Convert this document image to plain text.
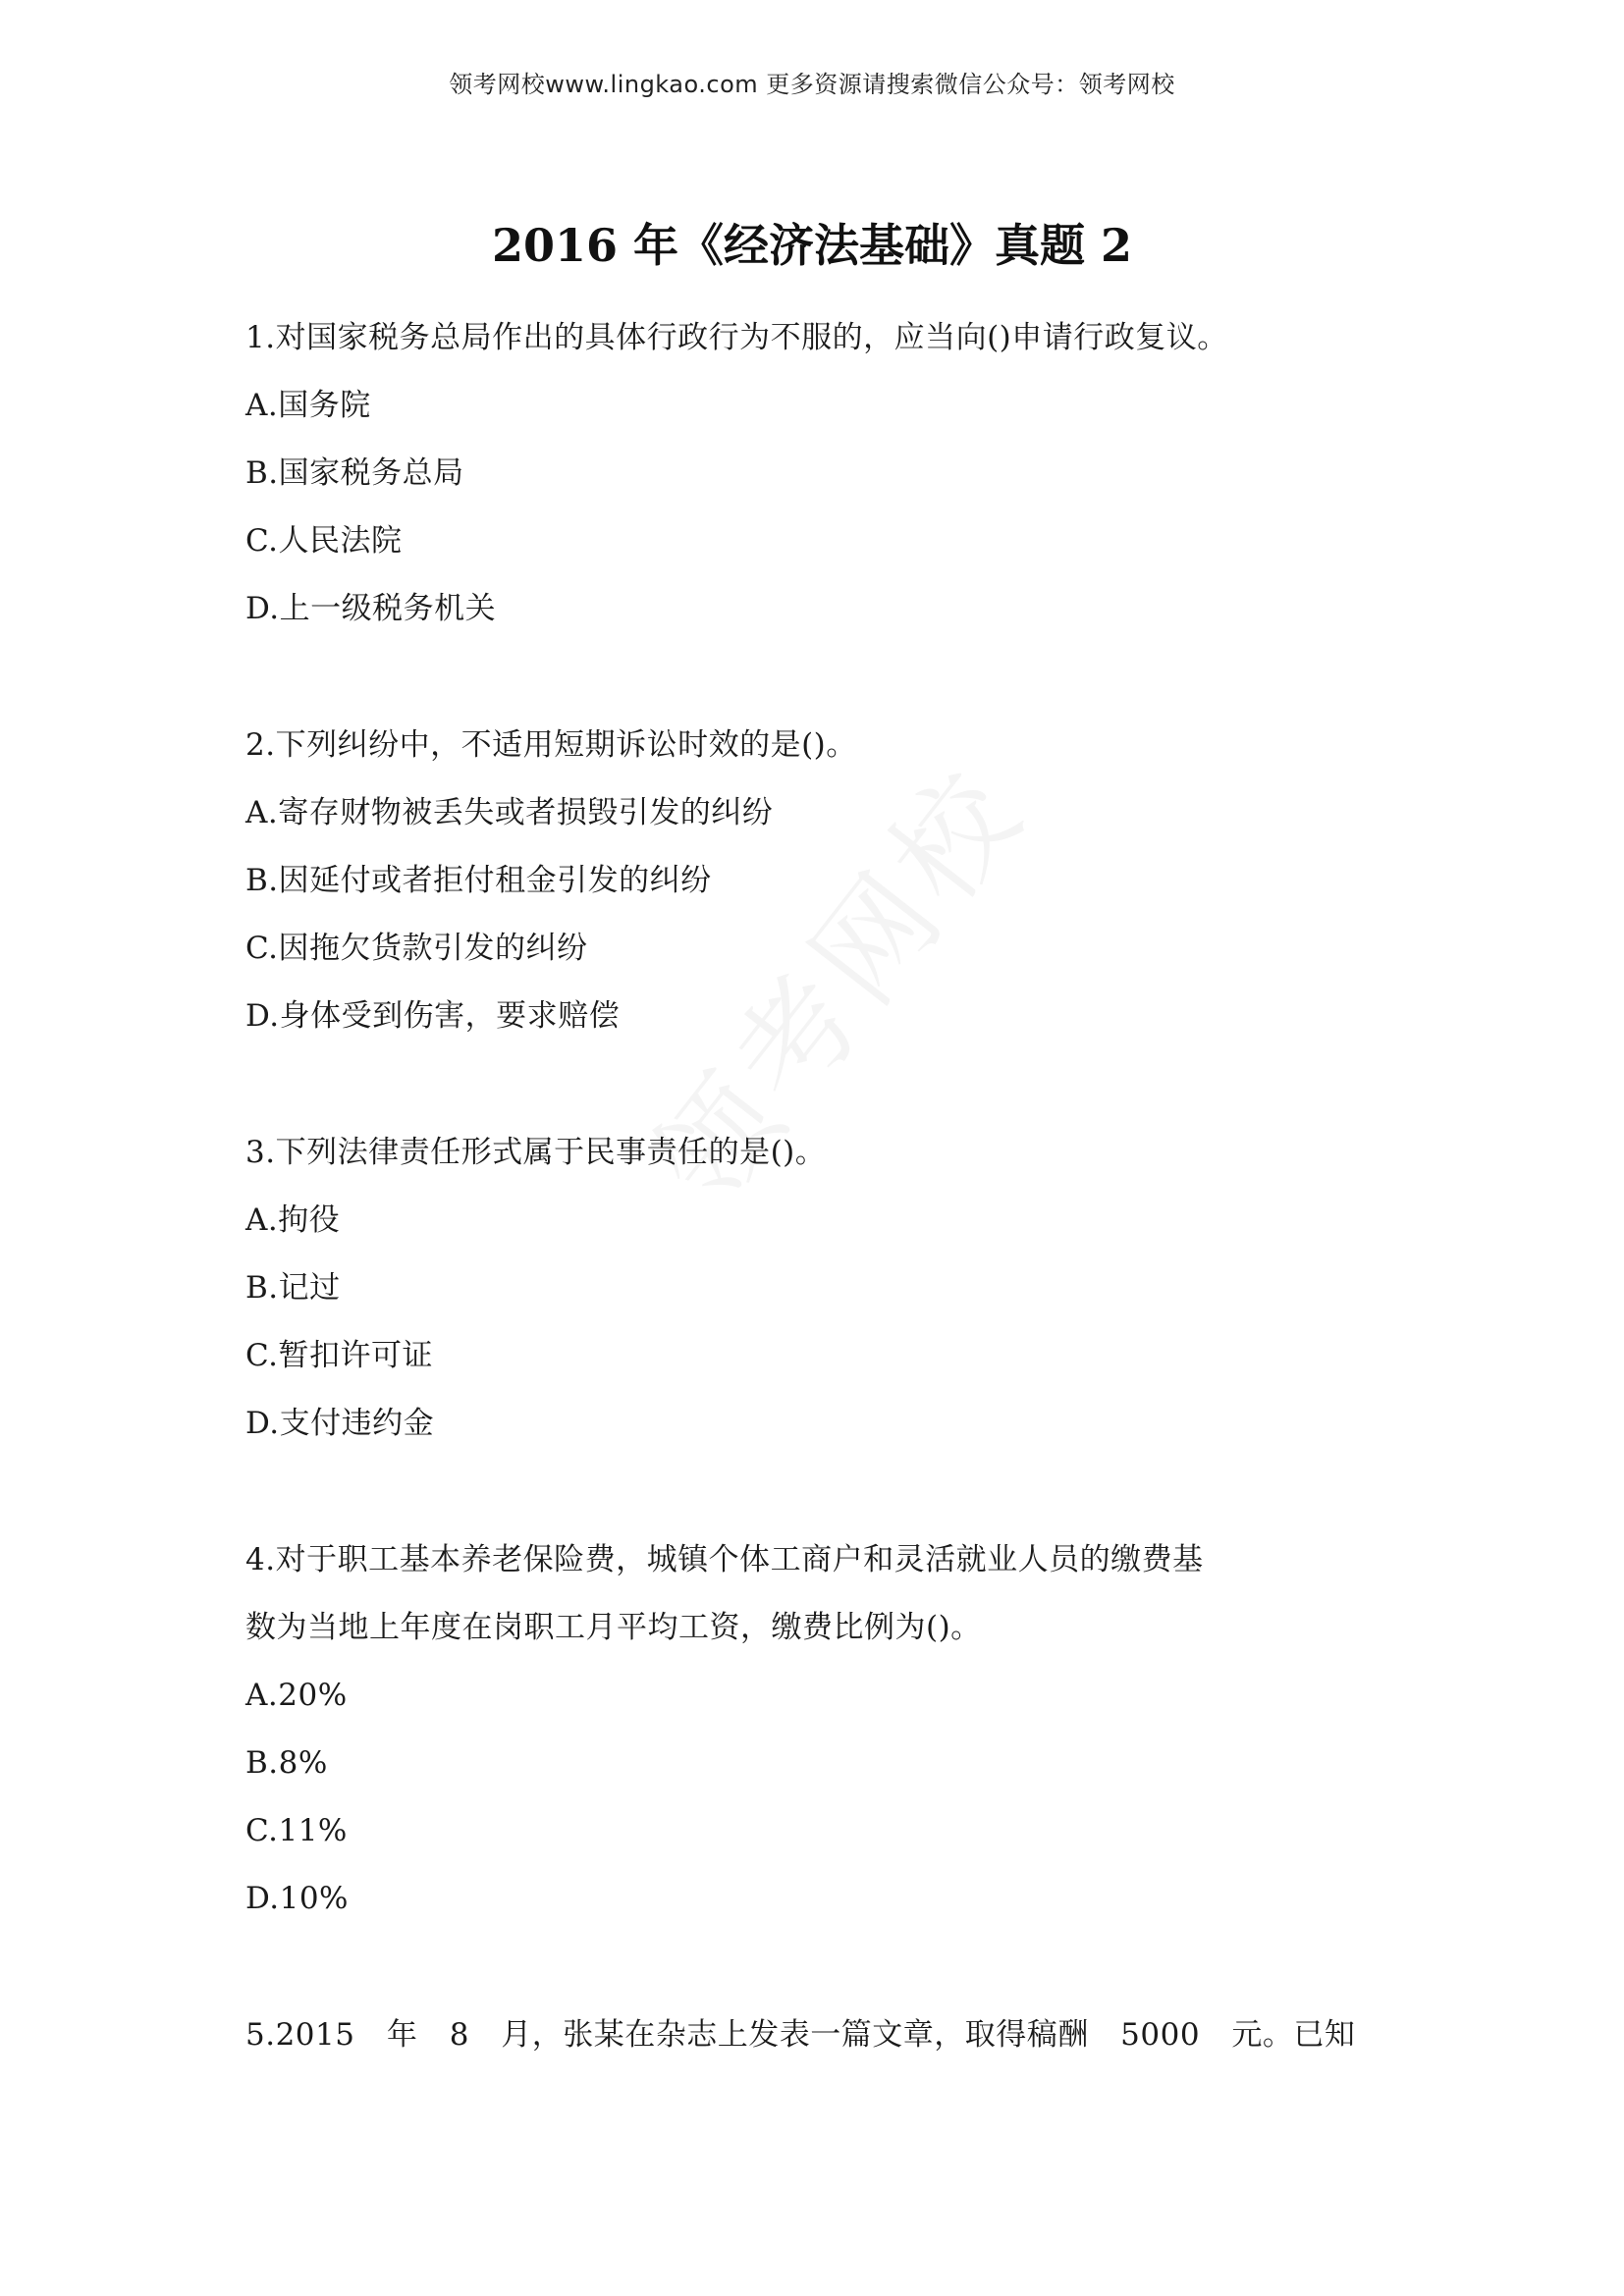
领考网校www.lingkao.com 更多资源请搜索微信公众号：领考网校
2016 年《经济法基础》真题 2
1.对国家税务总局作出的具体行政行为不服的，应当向()申请行政复议。
A.国务院
B.国家税务总局
C.人民法院
D.上一级税务机关
2.下列纠纷中，不适用短期诉讼时效的是()。
A.寄存财物被丢失或者损毁引发的纠纷
B.因延付或者拒付租金引发的纠纷
C.因拖欠货款引发的纠纷
D.身体受到伤害，要求赔偿
3.下列法律责任形式属于民事责任的是()。
A.拘役
B.记过
C.暂扣许可证
D.支付违约金
4.对于职工基本养老保险费，城镇个体工商户和灵活就业人员的缴费基
数为当地上年度在岗职工月平均工资，缴费比例为()。
A.20%
B.8%
C.11%
D.10%
5.2015 年 8 月，张某在杂志上发表一篇文章，取得稿酬 5000 元。已知
